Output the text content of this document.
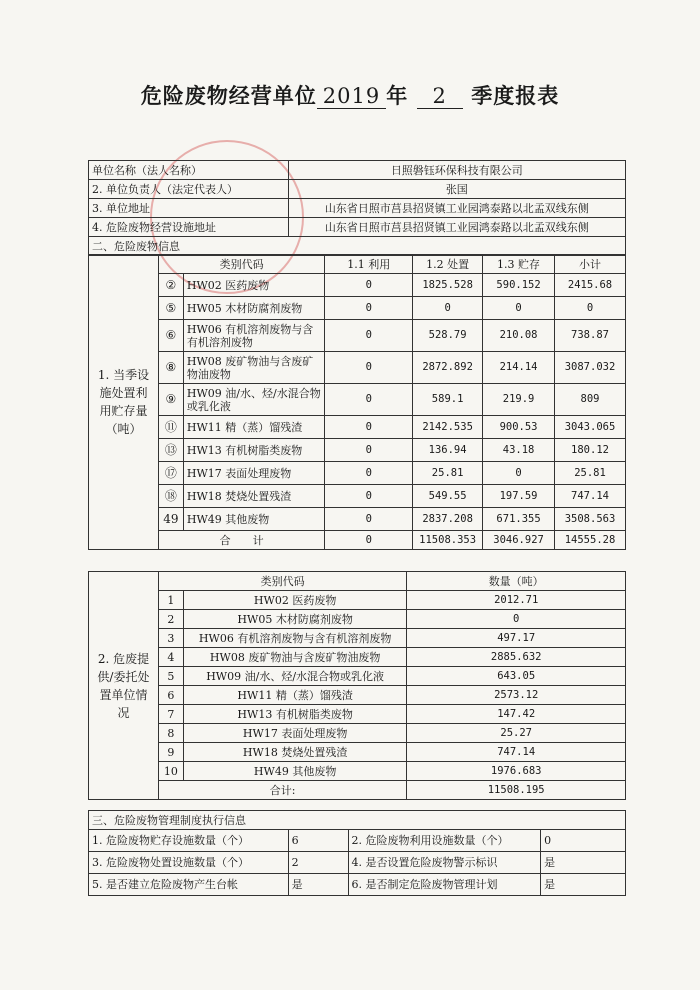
危险废物经营单位 2019 年 2 季度报表
单位名称（法人名称）	日照磐钰环保科技有限公司
2. 单位负责人（法定代表人）	张国
3. 单位地址	山东省日照市莒县招贤镇工业园鸿泰路以北孟双线东侧
4. 危险废物经营设施地址	山东省日照市莒县招贤镇工业园鸿泰路以北孟双线东侧
二、危险废物信息	
1. 当季设施处置利用贮存量（吨）	类别代码		1.1 利用	1.2 处置	1.3 贮存	小计
	②	HW02 医药废物	0	1825.528	590.152	2415.68
	⑤	HW05 木材防腐剂废物	0	0	0	0
	⑥	HW06 有机溶剂废物与含有机溶剂废物	0	528.79	210.08	738.87
	⑧	HW08 废矿物油与含废矿物油废物	0	2872.892	214.14	3087.032
	⑨	HW09 油/水、烃/水混合物或乳化液	0	589.1	219.9	809
	⑪	HW11 精（蒸）馏残渣	0	2142.535	900.53	3043.065
	⑬	HW13 有机树脂类废物	0	136.94	43.18	180.12
	⑰	HW17 表面处理废物	0	25.81	0	25.81
	⑱	HW18 焚烧处置残渣	0	549.55	197.59	747.14
	49	HW49 其他废物	0	2837.208	671.355	3508.563
	合　　计		0	11508.353	3046.927	14555.28
2. 危废提供/委托处置单位情况	类别代码		数量（吨）
	1	HW02 医药废物	2012.71
	2	HW05 木材防腐剂废物	0
	3	HW06 有机溶剂废物与含有机溶剂废物	497.17
	4	HW08 废矿物油与含废矿物油废物	2885.632
	5	HW09 油/水、烃/水混合物或乳化液	643.05
	6	HW11 精（蒸）馏残渣	2573.12
	7	HW13 有机树脂类废物	147.42
	8	HW17 表面处理废物	25.27
	9	HW18 焚烧处置残渣	747.14
	10	HW49 其他废物	1976.683
	合计:		11508.195
三、危险废物管理制度执行信息			
1. 危险废物贮存设施数量（个）	6	2. 危险废物利用设施数量（个）	0
3. 危险废物处置设施数量（个）	2	4. 是否设置危险废物警示标识	是
5. 是否建立危险废物产生台帐	是	6. 是否制定危险废物管理计划	是
